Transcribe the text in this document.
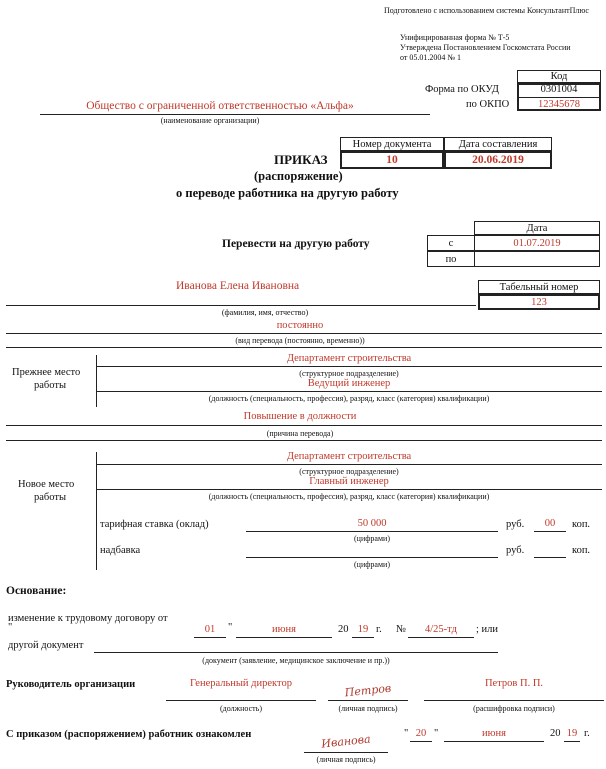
Подготовлено с использованием системы КонсультантПлюс
Унифицированная форма № Т-5
Утверждена Постановлением Госкомстата России
от 05.01.2004 № 1
Код
Форма по ОКУД	0301004
по ОКПО	12345678
Общество с ограниченной ответственностью «Альфа»
(наименование организации)
Номер документа	Дата составления
10	20.06.2019
ПРИКАЗ
(распоряжение)
о переводе работника на другую работу
Перевести на другую работу
Дата
с	01.07.2019
по
Иванова Елена Ивановна	Табельный номер
123
(фамилия, имя, отчество)
постоянно
(вид перевода (постоянно, временно))
Прежнее место
работы
Департамент строительства
(структурное подразделение)
Ведущий инженер
(должность (специальность, профессия), разряд, класс (категория) квалификации)
Повышение в должности
(причина перевода)
Новое место
работы
Департамент строительства
(структурное подразделение)
Главный инженер
(должность (специальность, профессия), разряд, класс (категория) квалификации)
тарифная ставка (оклад)	50 000	руб.	00	коп.
(цифрами)
надбавка	руб.	коп.
(цифрами)
Основание:
изменение к трудовому договору от
"	01	"	июня	20 19 г. №	4/25-тд	; или
другой документ
(документ (заявление, медицинское заключение и пр.))
Руководитель организации	Генеральный директор
(должность)
Петров
(личная подпись)
Петров П. П.
(расшифровка подписи)
С приказом (распоряжением) работник ознакомлен	Иванова
(личная подпись)
" 20 "	июня	20 19 г.
